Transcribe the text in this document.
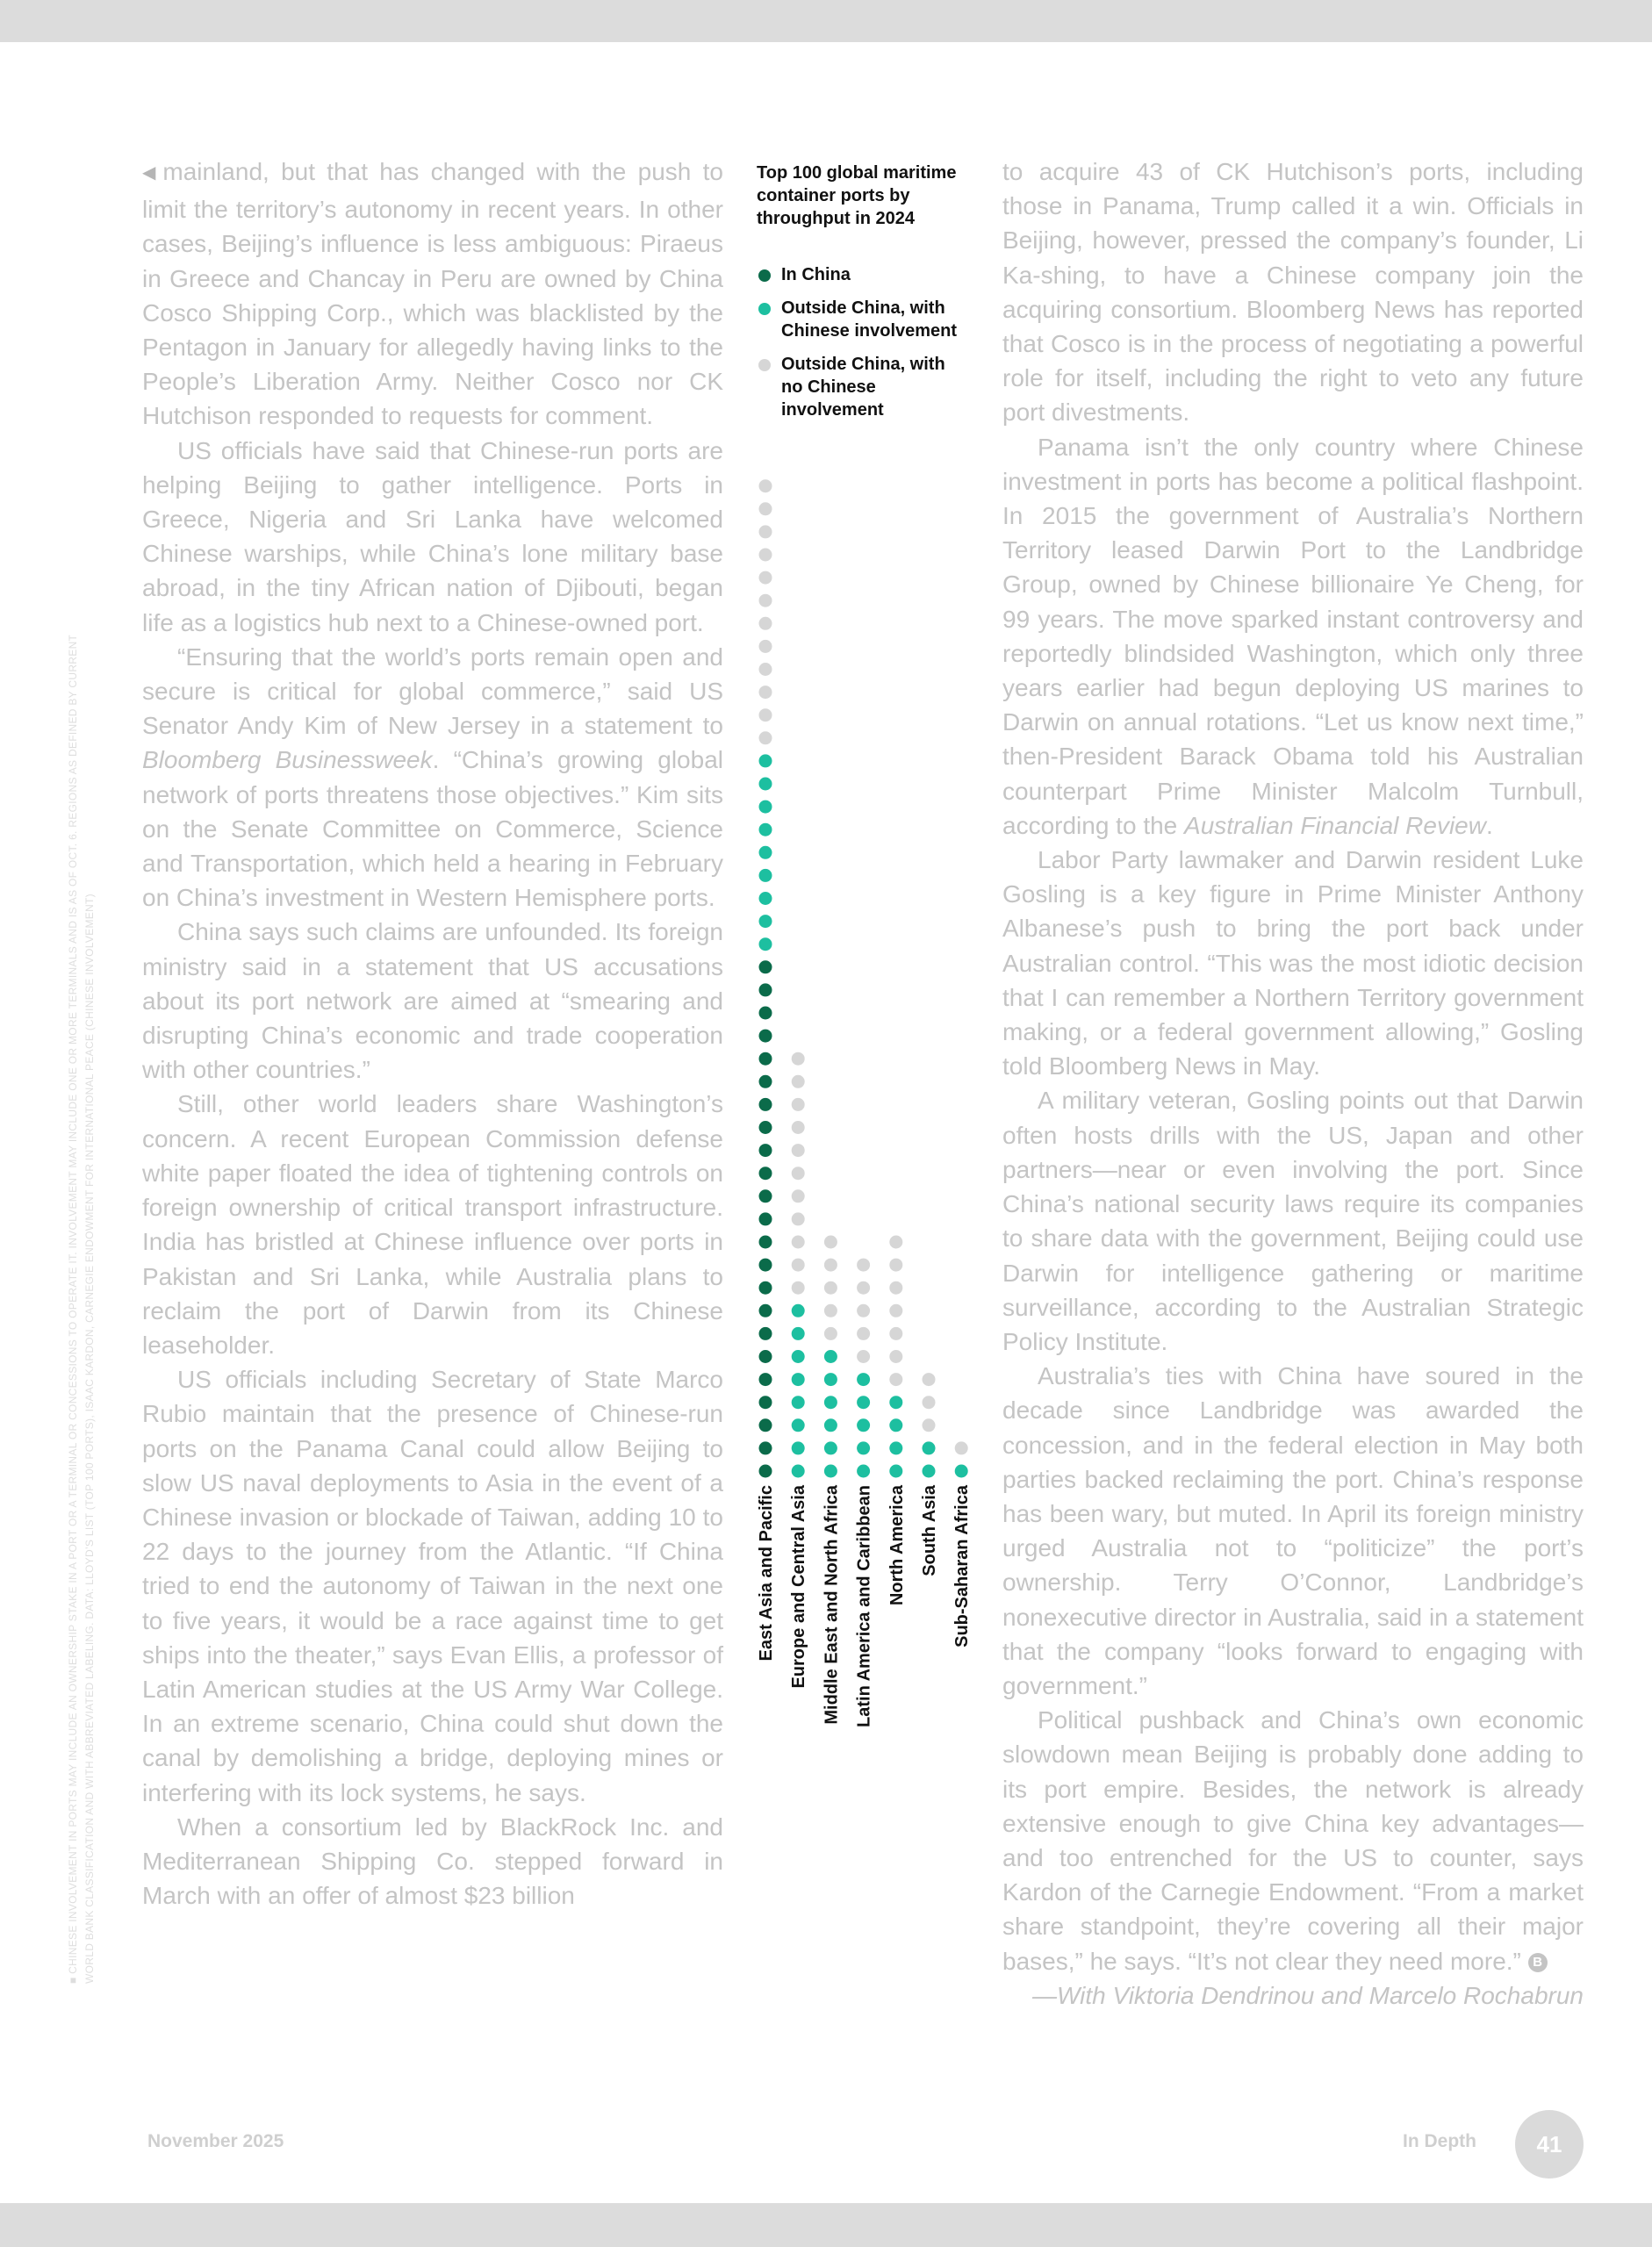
■ CHINESE INVOLVEMENT IN PORTS MAY INCLUDE AN OWNERSHIP STAKE IN A PORT OR A TERMINAL OR CONCESSIONS TO OPERATE IT. INVOLVEMENT MAY INCLUDE ONE OR MORE TERMINALS AND IS AS OF OCT. 6. REGIONS AS DEFINED BY CURRENT WORLD BANK CLASSIFICATION AND WITH ABBREVIATED LABELING. DATA: LLOYD’S LIST (TOP 100 PORTS), ISAAC KARDON, CARNEGIE ENDOWMENT FOR INTERNATIONAL PEACE (CHINESE INVOLVEMENT)

◀ mainland, but that has changed with the push to limit the territory’s autonomy in recent years. In other cases, Beijing’s influence is less ambiguous: Piraeus in Greece and Chancay in Peru are owned by China Cosco Shipping Corp., which was blacklisted by the Pentagon in January for allegedly having links to the People’s Liberation Army. Neither Cosco nor CK Hutchison responded to requests for comment.

US officials have said that Chinese-run ports are helping Beijing to gather intelligence. Ports in Greece, Nigeria and Sri Lanka have welcomed Chinese warships, while China’s lone military base abroad, in the tiny African nation of Djibouti, began life as a logistics hub next to a Chinese-owned port.

“Ensuring that the world’s ports remain open and secure is critical for global commerce,” said US Senator Andy Kim of New Jersey in a statement to Bloomberg Businessweek. “China’s growing global network of ports threatens those objectives.” Kim sits on the Senate Committee on Commerce, Science and Transportation, which held a hearing in February on China’s investment in Western Hemisphere ports.

China says such claims are unfounded. Its foreign ministry said in a statement that US accusations about its port network are aimed at “smearing and disrupting China’s economic and trade cooperation with other countries.”

Still, other world leaders share Washington’s concern. A recent European Commission defense white paper floated the idea of tightening controls on foreign ownership of critical transport infrastructure. India has bristled at Chinese influence over ports in Pakistan and Sri Lanka, while Australia plans to reclaim the port of Darwin from its Chinese leaseholder.

US officials including Secretary of State Marco Rubio maintain that the presence of Chinese-run ports on the Panama Canal could allow Beijing to slow US naval deployments to Asia in the event of a Chinese invasion or blockade of Taiwan, adding 10 to 22 days to the journey from the Atlantic. “If China tried to end the autonomy of Taiwan in the next one to five years, it would be a race against time to get ships into the theater,” says Evan Ellis, a professor of Latin American studies at the US Army War College. In an extreme scenario, China could shut down the canal by demolishing a bridge, deploying mines or interfering with its lock systems, he says.

When a consortium led by BlackRock Inc. and Mediterranean Shipping Co. stepped forward in March with an offer of almost $23 billion

Top 100 global maritime container ports by throughput in 2024
In China
Outside China, with Chinese involvement
Outside China, with no Chinese involvement
East Asia and Pacific Europe and Central Asia Middle East and North Africa Latin America and Caribbean North America South Asia Sub-Saharan Africa

to acquire 43 of CK Hutchison’s ports, including those in Panama, Trump called it a win. Officials in Beijing, however, pressed the company’s founder, Li Ka-shing, to have a Chinese company join the acquiring consortium. Bloomberg News has reported that Cosco is in the process of negotiating a powerful role for itself, including the right to veto any future port divestments.

Panama isn’t the only country where Chinese investment in ports has become a political flashpoint. In 2015 the government of Australia’s Northern Territory leased Darwin Port to the Landbridge Group, owned by Chinese billionaire Ye Cheng, for 99 years. The move sparked instant controversy and reportedly blindsided Washington, which only three years earlier had begun deploying US marines to Darwin on annual rotations. “Let us know next time,” then-President Barack Obama told his Australian counterpart Prime Minister Malcolm Turnbull, according to the Australian Financial Review.

Labor Party lawmaker and Darwin resident Luke Gosling is a key figure in Prime Minister Anthony Albanese’s push to bring the port back under Australian control. “This was the most idiotic decision that I can remember a Northern Territory government making, or a federal government allowing,” Gosling told Bloomberg News in May.

A military veteran, Gosling points out that Darwin often hosts drills with the US, Japan and other partners—near or even involving the port. Since China’s national security laws require its companies to share data with the government, Beijing could use Darwin for intelligence gathering or maritime surveillance, according to the Australian Strategic Policy Institute.

Australia’s ties with China have soured in the decade since Landbridge was awarded the concession, and in the federal election in May both parties backed reclaiming the port. China’s response has been wary, but muted. In April its foreign ministry urged Australia not to “politicize” the port’s ownership. Terry O’Connor, Landbridge’s nonexecutive director in Australia, said in a statement that the company “looks forward to engaging with government.”

Political pushback and China’s own economic slowdown mean Beijing is probably done adding to its port empire. Besides, the network is already extensive enough to give China key advantages—and too entrenched for the US to counter, says Kardon of the Carnegie Endowment. “From a market share standpoint, they’re covering all their major bases,” he says. “It’s not clear they need more.” B

—With Viktoria Dendrinou and Marcelo Rochabrun

November 2025	In Depth	41
